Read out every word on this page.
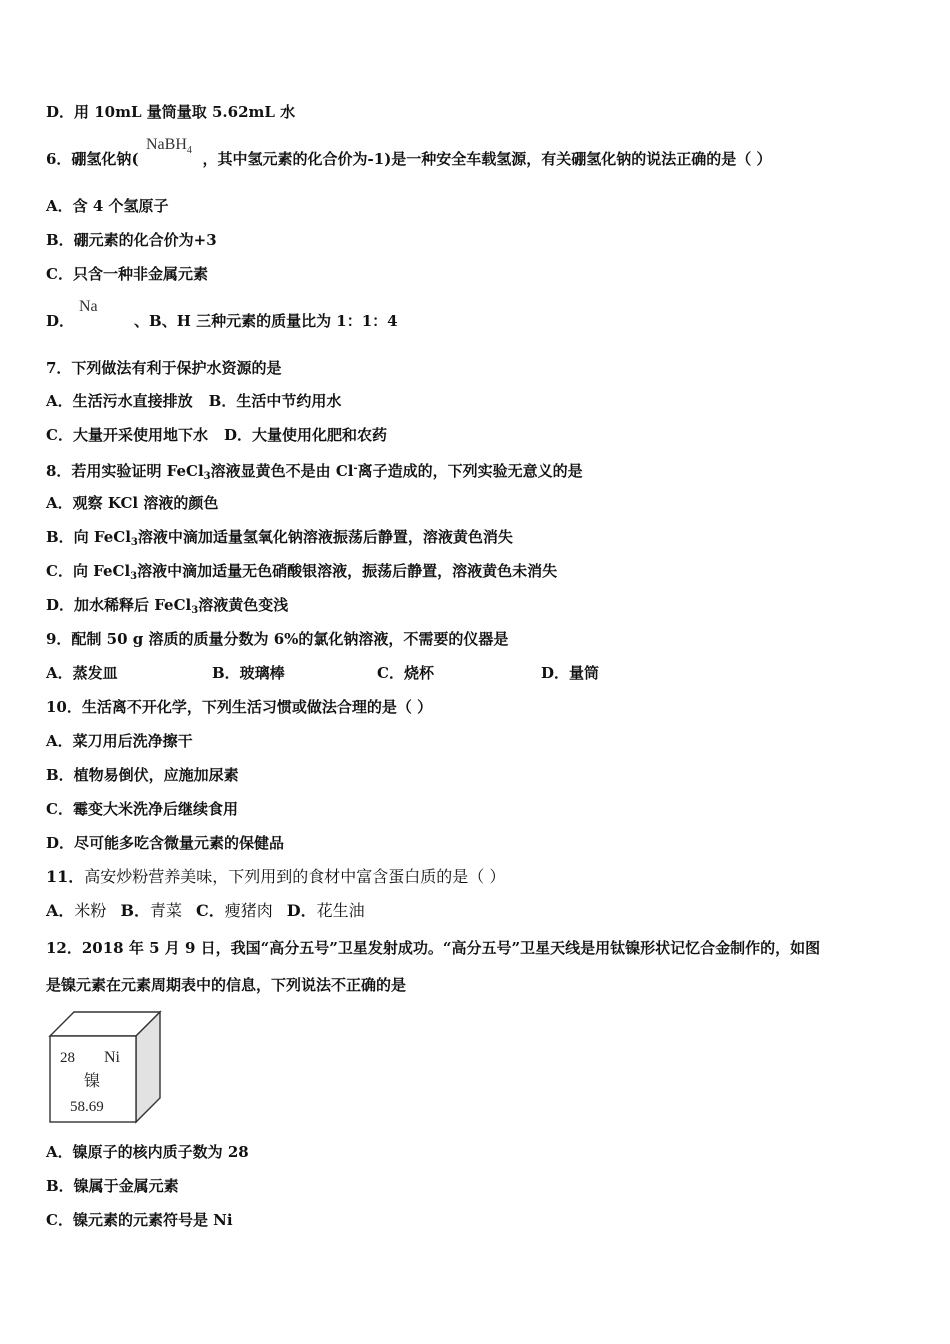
D．用 10mL 量筒量取 5.62mL 水
6．硼氢化钠(	，其中氢元素的化合价为-1)是一种安全车载氢源，有关硼氢化钠的说法正确的是（ ）
NaBH$_4$
A．含 4 个氢原子
B．硼元素的化合价为+3
C．只含一种非金属元素
D．	、B、H 三种元素的质量比为 1：1：4
Na
7．下列做法有利于保护水资源的是
A．生活污水直接排放 B．生活中节约用水
C．大量开采使用地下水 D．大量使用化肥和农药
8．若用实验证明 FeCl$_3$溶液显黄色不是由 Cl-离子造成的，下列实验无意义的是
A．观察 KCl 溶液的颜色
B．向 FeCl$_3$溶液中滴加适量氢氧化钠溶液振荡后静置，溶液黄色消失
C．向 FeCl$_3$溶液中滴加适量无色硝酸银溶液，振荡后静置，溶液黄色未消失
D．加水稀释后 FeCl$_3$溶液黄色变浅
9．配制 50 g 溶质的质量分数为 6%的氯化钠溶液，不需要的仪器是
A．蒸发皿	B．玻璃棒	C．烧杯	D．量筒
10．生活离不开化学，下列生活习惯或做法合理的是（ ）
A．菜刀用后洗净擦干
B．植物易倒伏，应施加尿素
C．霉变大米洗净后继续食用
D．尽可能多吃含微量元素的保健品
11．高安炒粉营养美味，下列用到的食材中富含蛋白质的是（ ）
A．米粉 B．青菜 C．瘦猪肉 D．花生油
12．2018 年 5 月 9 日，我国“高分五号”卫星发射成功。“高分五号”卫星天线是用钛镍形状记忆合金制作的，如图
是镍元素在元素周期表中的信息，下列说法不正确的是
28 Ni
镍
58.69
A．镍原子的核内质子数为 28
B．镍属于金属元素
C．镍元素的元素符号是 Ni
